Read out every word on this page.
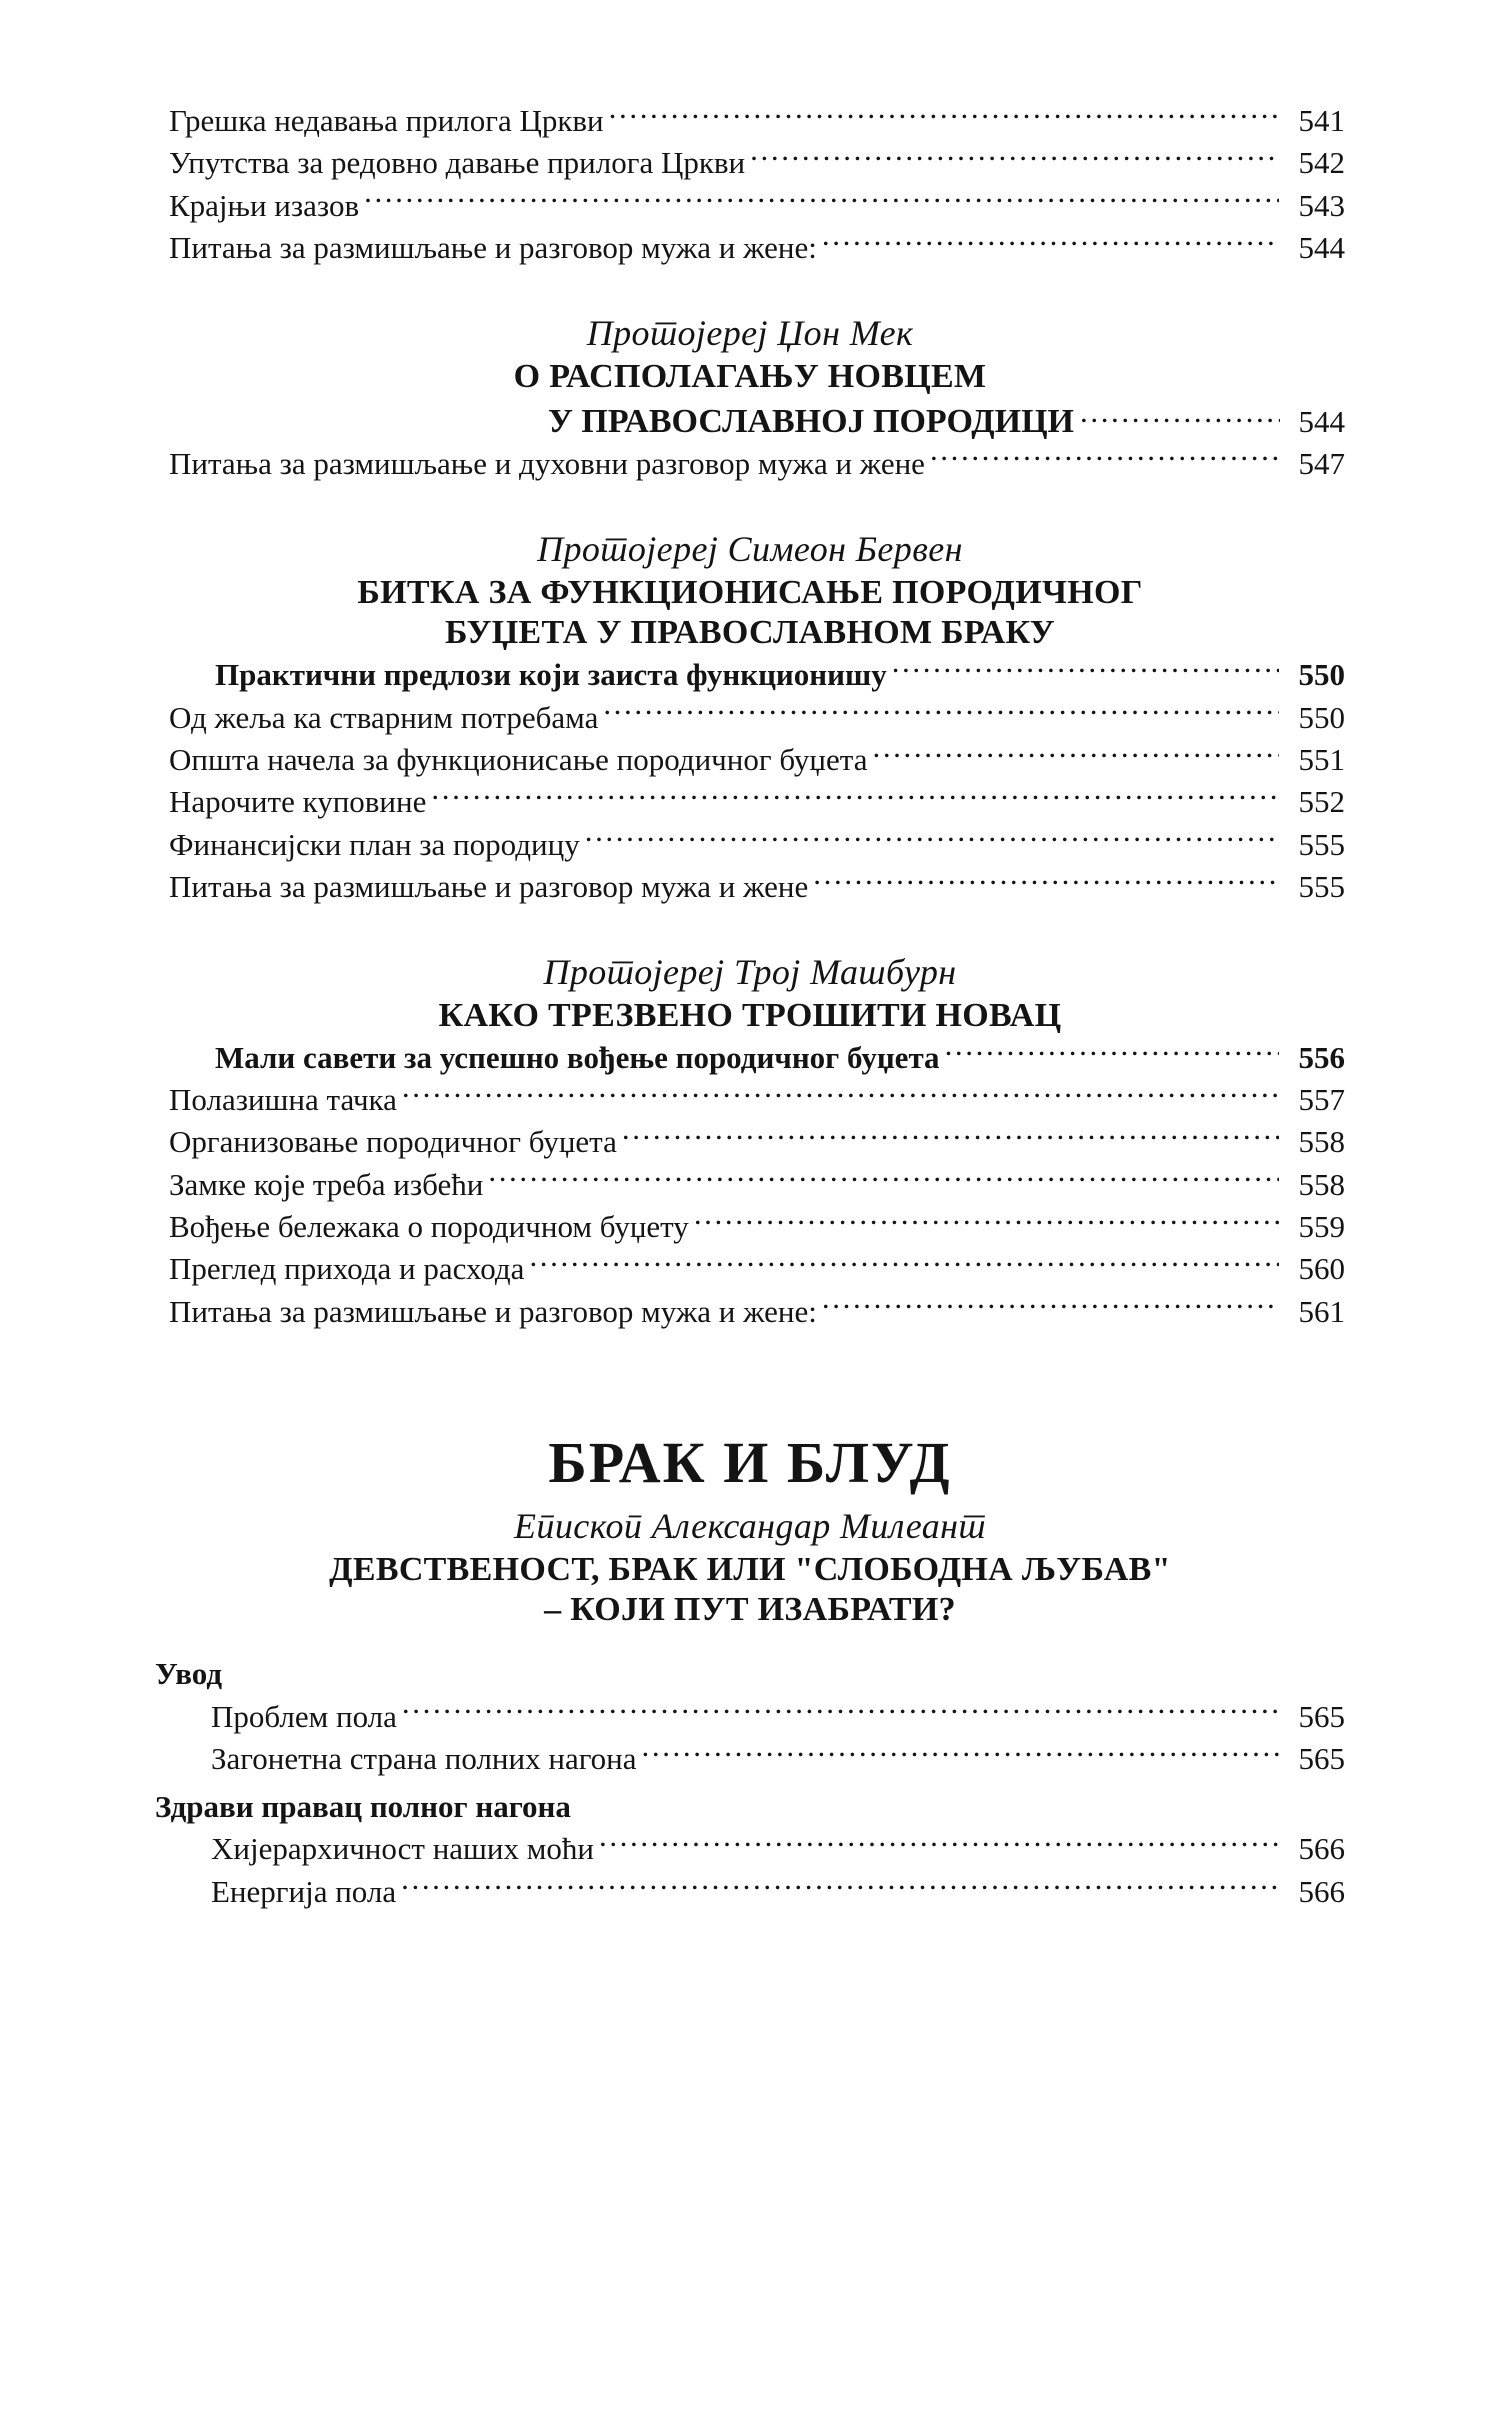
Грешка недавања прилога Цркви .....	541
Упутства за редовно давање прилога Цркви .....	542
Крајњи изазов .....	543
Питања за размишљање и разговор мужа и жене: .....	544
Протојереј Џон Мек
О РАСПОЛАГАЊУ НОВЦЕМ
У ПРАВОСЛАВНОЈ ПОРОДИЦИ .....	544
Питања за размишљање и духовни разговор мужа и жене .....	547
Протојереј Симеон Бервен
БИТКА ЗА ФУНКЦИОНИСАЊЕ ПОРОДИЧНОГ
БУЏЕТА У ПРАВОСЛАВНОМ БРАКУ
Практични предлози који заиста функционишу .....	550
Од жеља ка стварним потребама .....	550
Општа начела за функционисање породичног буџета .....	551
Нарочите куповине .....	552
Финансијски план за породицу .....	555
Питања за размишљање и разговор мужа и жене .....	555
Протојереј Трој Машбурн
КАКО ТРЕЗВЕНО ТРОШИТИ НОВАЦ
Мали савети за успешно вођење породичног буџета .....	556
Полазишна тачка .....	557
Организовање породичног буџета .....	558
Замке које треба избећи .....	558
Вођење бележака о породичном буџету .....	559
Преглед прихода и расхода .....	560
Питања за размишљање и разговор мужа и жене: .....	561
БРАК И БЛУД
Епископ Александар Милеант
ДЕВСТВЕНОСТ, БРАК ИЛИ "СЛОБОДНА ЉУБАВ"
– КОЈИ ПУТ ИЗАБРАТИ?
Увод
Проблем пола .....	565
Загонетна страна полних нагона .....	565
Здрави правац полног нагона
Хијерархичност наших моћи .....	566
Енергија пола .....	566
